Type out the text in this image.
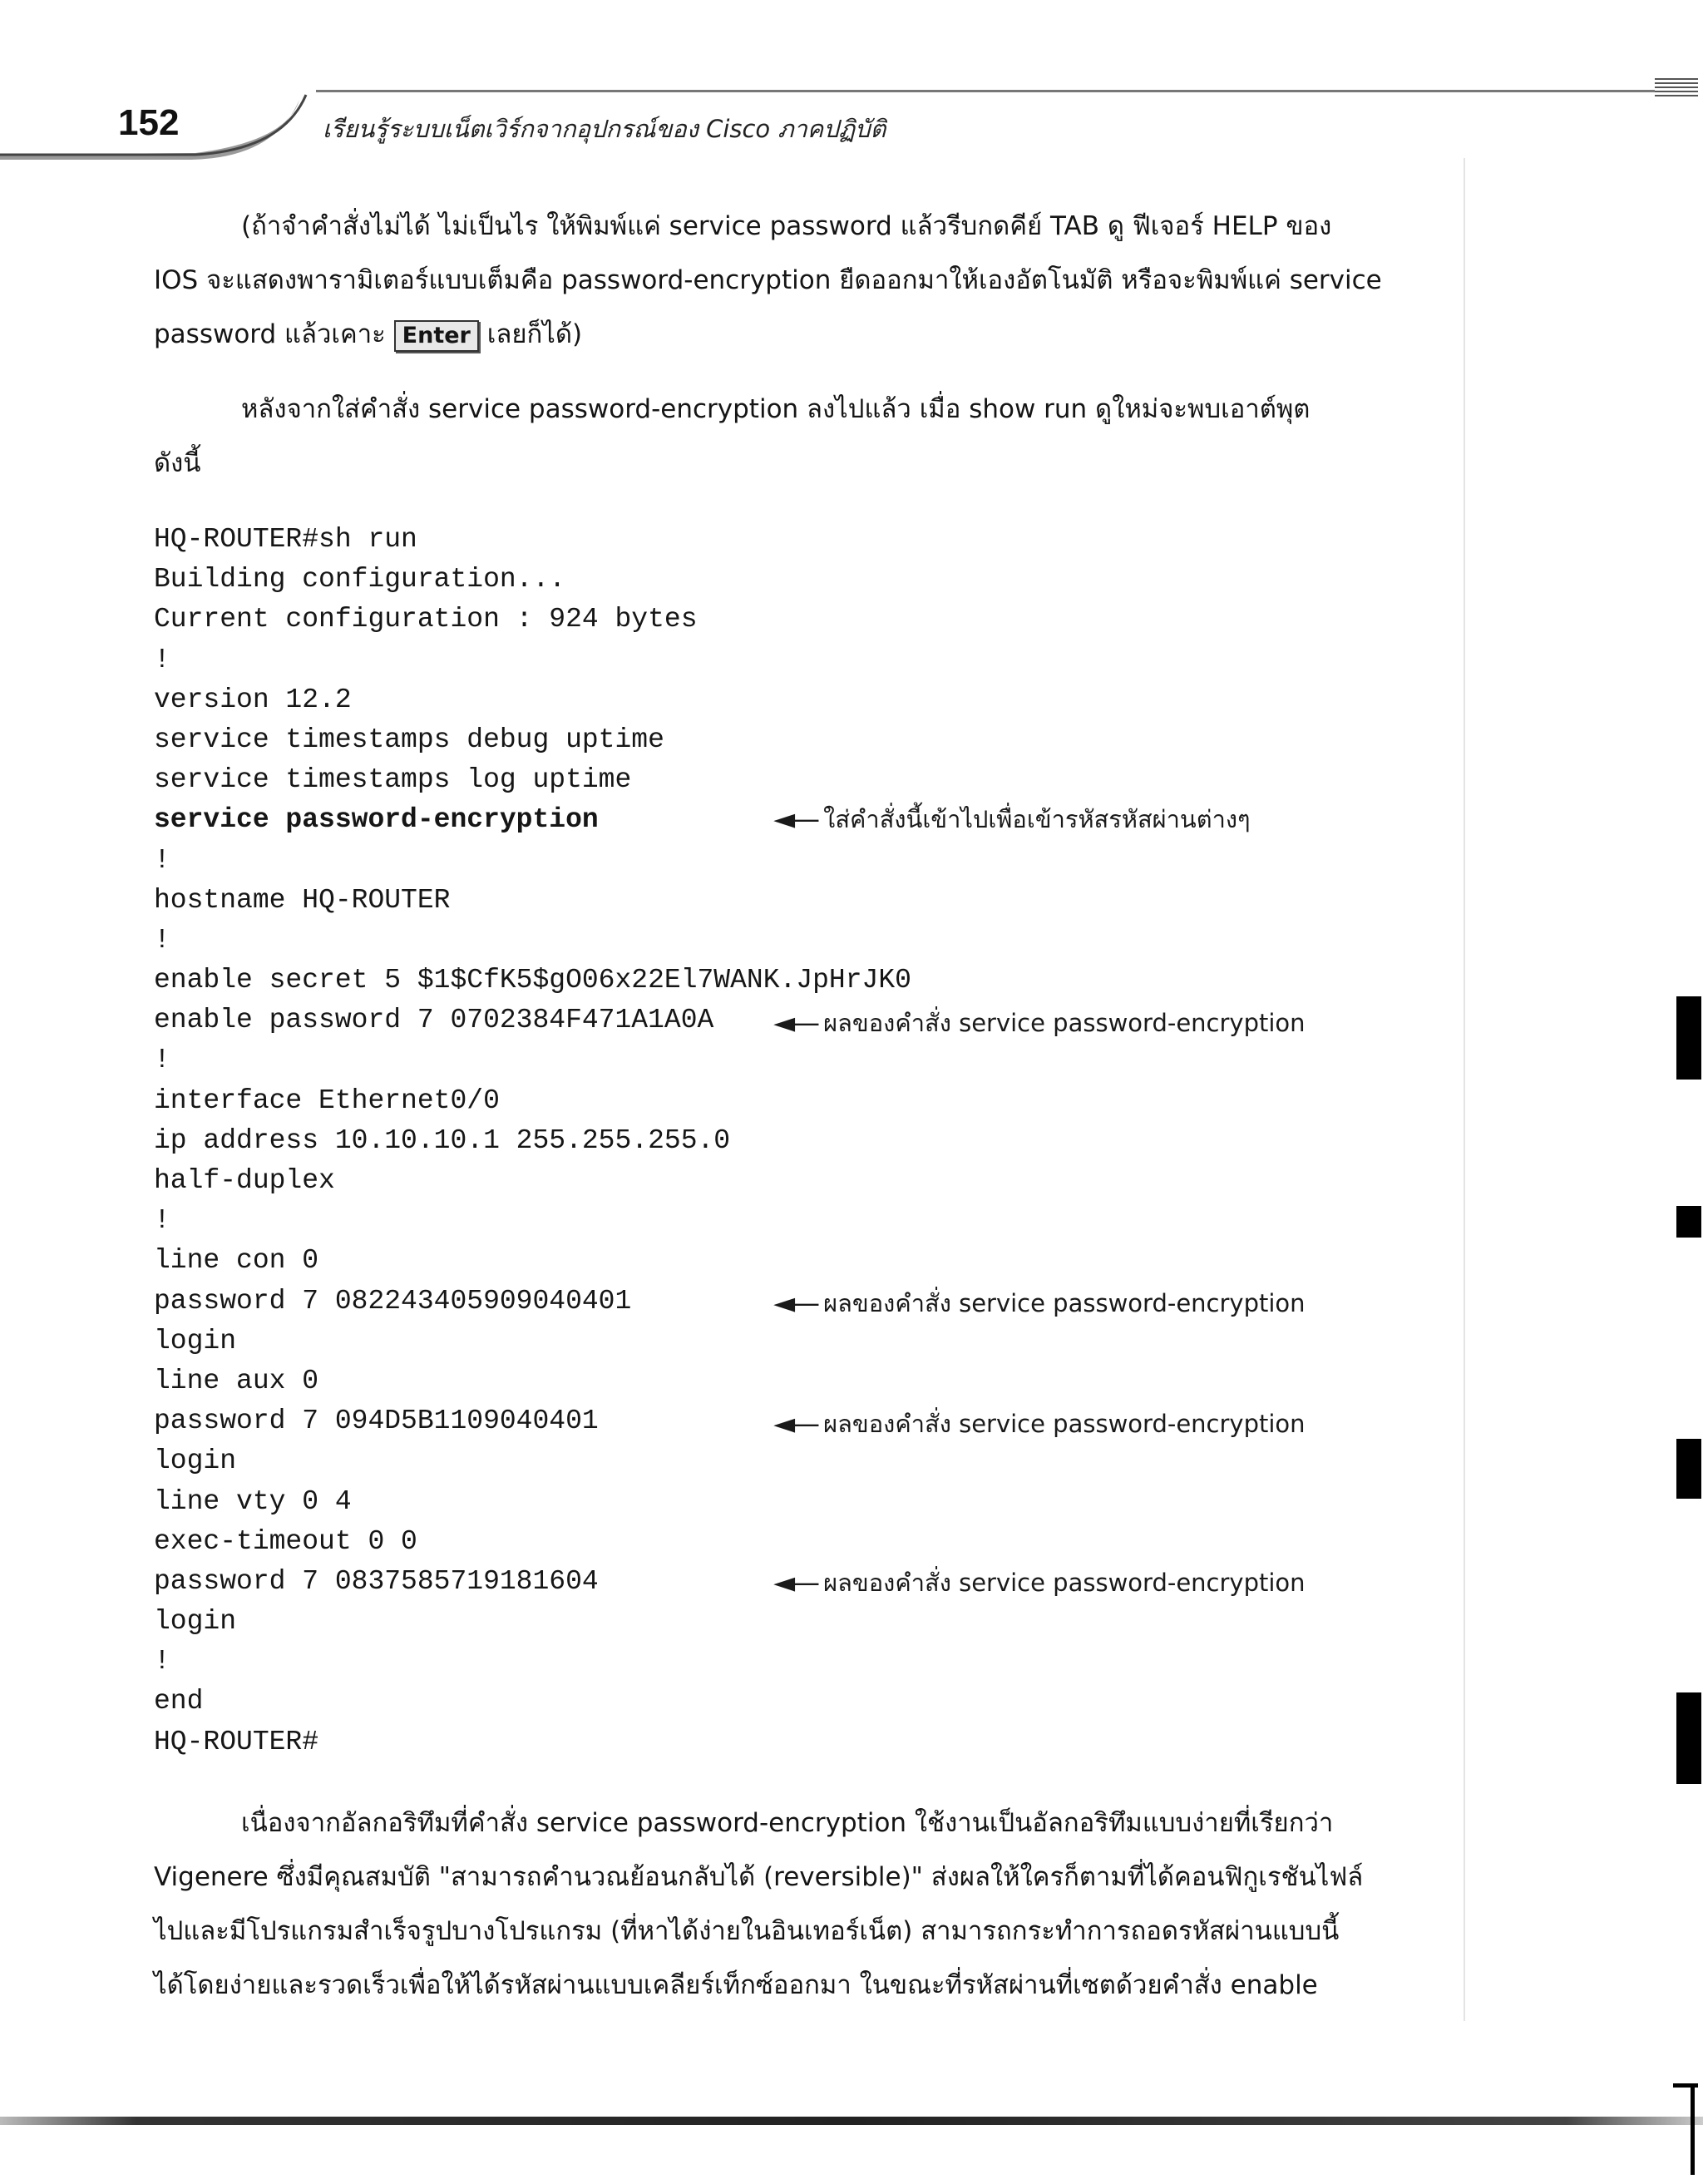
152	เรียนรู้ระบบเน็ตเวิร์กจากอุปกรณ์ของ Cisco ภาคปฏิบัติ
(ถ้าจำคำสั่งไม่ได้ ไม่เป็นไร ให้พิมพ์แค่ service password แล้วรีบกดคีย์ TAB ดู ฟีเจอร์ HELP ของ
IOS จะแสดงพารามิเตอร์แบบเต็มคือ password-encryption ยืดออกมาให้เองอัตโนมัติ หรือจะพิมพ์แค่ service
password แล้วเคาะ Enter เลยก็ได้)
หลังจากใส่คำสั่ง service password-encryption ลงไปแล้ว เมื่อ show run ดูใหม่จะพบเอาต์พุต
ดังนี้
HQ-ROUTER#sh run
Building configuration...
Current configuration : 924 bytes
!
version 12.2
service timestamps debug uptime
service timestamps log uptime
service password-encryption
!
hostname HQ-ROUTER
!
enable secret 5 $1$CfK5$gO06x22El7WANK.JpHrJK0
enable password 7 0702384F471A1A0A
!
interface Ethernet0/0
ip address 10.10.10.1 255.255.255.0
half-duplex
!
line con 0
password 7 082243405909040401
login
line aux 0
password 7 094D5B1109040401
login
line vty 0 4
exec-timeout 0 0
password 7 0837585719181604
login
!
end
HQ-ROUTER#
◄— ใส่คำสั่งนี้เข้าไปเพื่อเข้ารหัสรหัสผ่านต่างๆ
◄— ผลของคำสั่ง service password-encryption
◄— ผลของคำสั่ง service password-encryption
◄— ผลของคำสั่ง service password-encryption
◄— ผลของคำสั่ง service password-encryption
เนื่องจากอัลกอริทึมที่คำสั่ง service password-encryption ใช้งานเป็นอัลกอริทึมแบบง่ายที่เรียกว่า
Vigenere ซึ่งมีคุณสมบัติ "สามารถคำนวณย้อนกลับได้ (reversible)" ส่งผลให้ใครก็ตามที่ได้คอนฟิกูเรชันไฟล์
ไปและมีโปรแกรมสำเร็จรูปบางโปรแกรม (ที่หาได้ง่ายในอินเทอร์เน็ต) สามารถกระทำการถอดรหัสผ่านแบบนี้
ได้โดยง่ายและรวดเร็วเพื่อให้ได้รหัสผ่านแบบเคลียร์เท็กซ์ออกมา ในขณะที่รหัสผ่านที่เซตด้วยคำสั่ง enable
